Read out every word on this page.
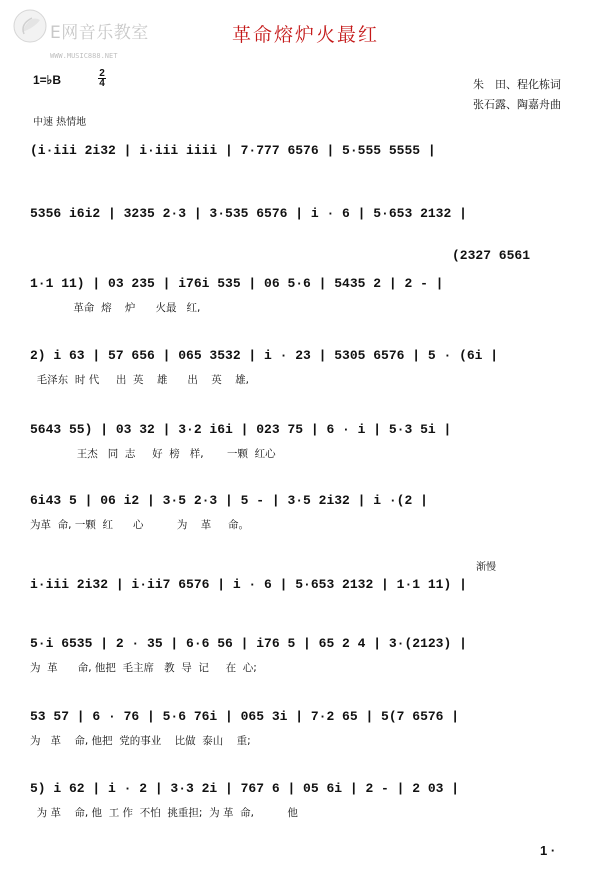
E网音乐教室
WWW.MUSIC888.NET
革命熔炉火最红
1=♭B	2
4	朱　田、程化栋词
张石露、陶嘉舟曲
中速 热情地
(2327 6561
渐慢
(i·iii 2i32 | i·iii iiii | 7·777 6576 | 5·555 5555 |
5356 i6i2 | 3235 2·3 | 3·535 6576 | i · 6 | 5·653 2132 |
1·1 11) | 03 235 | i76i 535 | 06 5·6 | 5435 2 | 2 - |
革命  熔    炉      火最   红,
2) i 63 | 57 656 | 065 3532 | i · 23 | 5305 6576 | 5 · (6i |
毛泽东  时 代     出  英    雄      出    英    雄,
5643 55) | 03 32 | 3·2 i6i | 023 75 | 6 · i | 5·3 5i |
王杰   同  志     好  榜   样,       一颗  红心
6i43 5 | 06 i2 | 3·5 2·3 | 5 - | 3·5 2i32 | i ·(2 |
为革  命, 一颗  红      心          为    革     命。
i·iii 2i32 | i·ii7 6576 | i · 6 | 5·653 2132 | 1·1 11) |
5·i 6535 | 2 · 35 | 6·6 56 | i76 5 | 65 2 4 | 3·(2123) |
为  革      命, 他把  毛主席   教  导  记     在  心;
53 57 | 6 · 76 | 5·6 76i | 065 3i | 7·2 65 | 5(7 6576 |
为   革    命, 他把  党的事业    比做  泰山    重;
5) i 62 | i · 2 | 3·3 2i | 767 6 | 05 6i | 2 - | 2 03 |
为 革    命, 他  工 作  不怕  挑重担;  为 革  命,          他
1 ·
